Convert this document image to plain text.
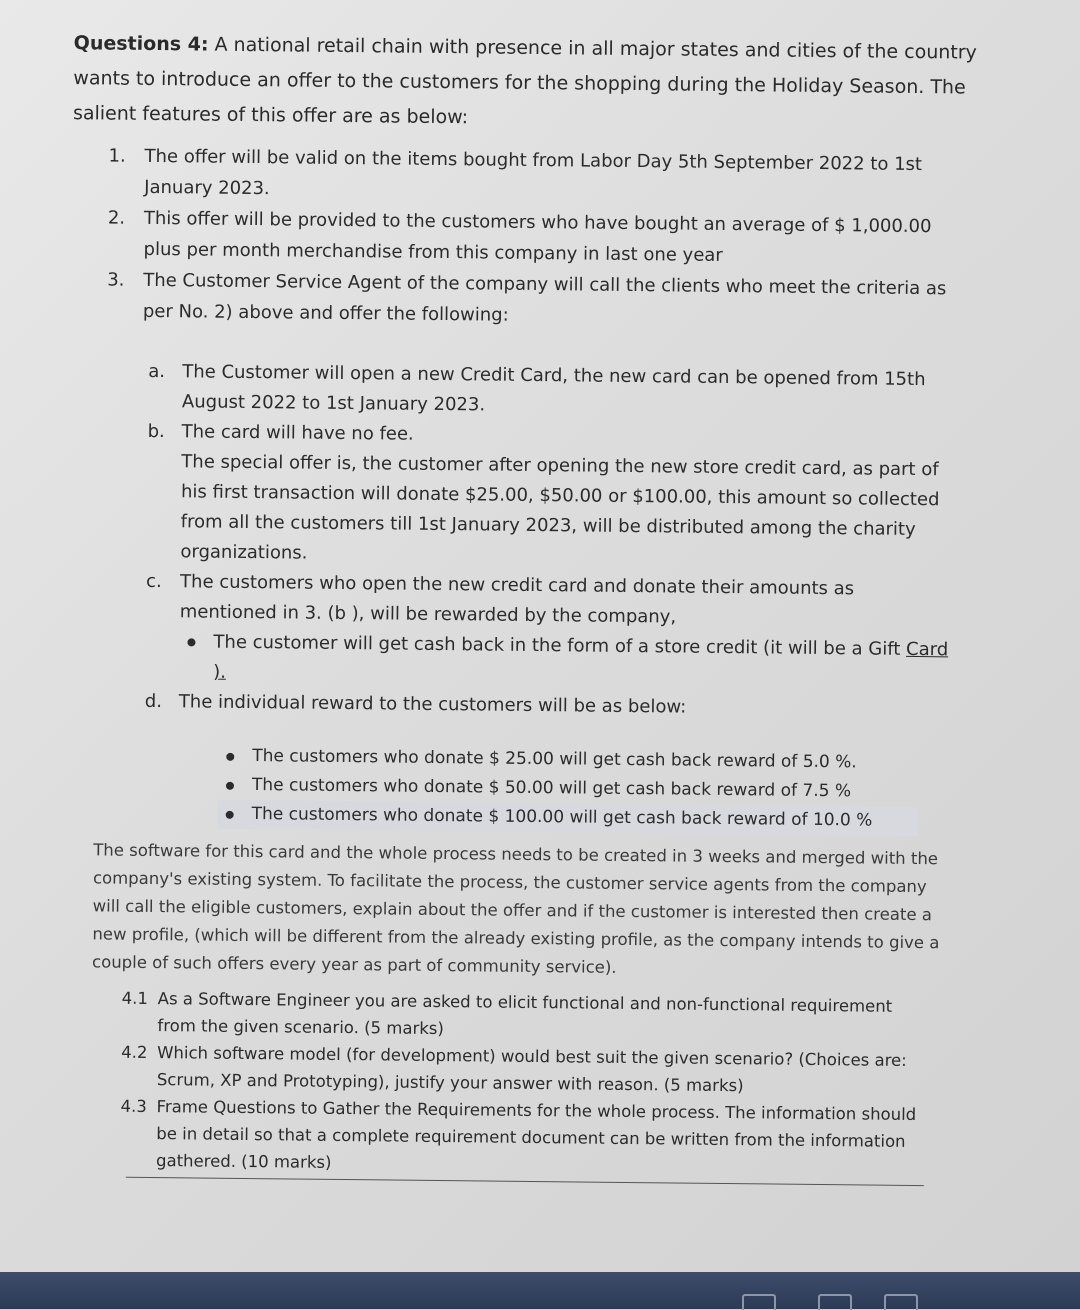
Questions 4: A national retail chain with presence in all major states and cities of the country wants to introduce an offer to the customers for the shopping during the Holiday Season. The salient features of this offer are as below:
1. The offer will be valid on the items bought from Labor Day 5th September 2022 to 1st January 2023.
2. This offer will be provided to the customers who have bought an average of $ 1,000.00 plus per month merchandise from this company in last one year
3. The Customer Service Agent of the company will call the clients who meet the criteria as per No. 2) above and offer the following:
a. The Customer will open a new Credit Card, the new card can be opened from 15th August 2022 to 1st January 2023.
b. The card will have no fee.

The special offer is, the customer after opening the new store credit card, as part of his first transaction will donate $25.00, $50.00 or $100.00, this amount so collected from all the customers till 1st January 2023, will be distributed among the charity organizations.

c. The customers who open the new credit card and donate their amounts as mentioned in 3. (b ), will be rewarded by the company,
The customer will get cash back in the form of a store credit (it will be a Gift Card ).
d. The individual reward to the customers will be as below:
The customers who donate $ 25.00 will get cash back reward of 5.0 %.
The customers who donate $ 50.00 will get cash back reward of 7.5 %
The customers who donate $ 100.00 will get cash back reward of 10.0 %

The software for this card and the whole process needs to be created in 3 weeks and merged with the company's existing system. To facilitate the process, the customer service agents from the company will call the eligible customers, explain about the offer and if the customer is interested then create a new profile, (which will be different from the already existing profile, as the company intends to give a couple of such offers every year as part of community service).

4.1 As a Software Engineer you are asked to elicit functional and non-functional requirement from the given scenario. (5 marks)
4.2 Which software model (for development) would best suit the given scenario? (Choices are: Scrum, XP and Prototyping), justify your answer with reason. (5 marks)
4.3 Frame Questions to Gather the Requirements for the whole process. The information should be in detail so that a complete requirement document can be written from the information gathered. (10 marks)
